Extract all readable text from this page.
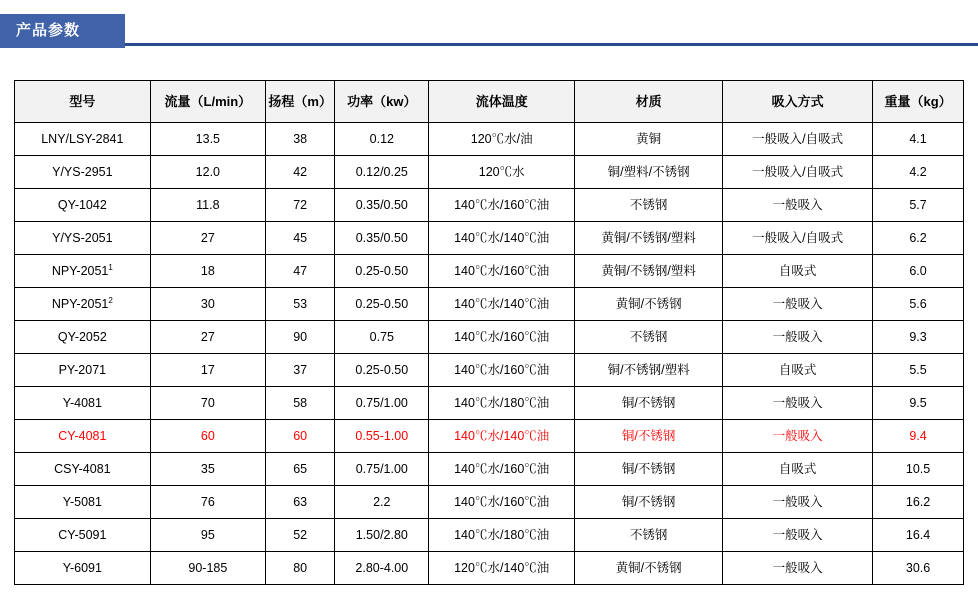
产品参数
型号	流量（L/min）	扬程（m）	功率（kw）	流体温度	材质	吸入方式	重量（kg）
LNY/LSY-2841	13.5	38	0.12	120℃水/油	黄铜	一般吸入/自吸式	4.1
Y/YS-2951	12.0	42	0.12/0.25	120℃水	铜/塑料/不锈钢	一般吸入/自吸式	4.2
QY-1042	11.8	72	0.35/0.50	140℃水/160℃油	不锈钢	一般吸入	5.7
Y/YS-2051	27	45	0.35/0.50	140℃水/140℃油	黄铜/不锈钢/塑料	一般吸入/自吸式	6.2
NPY-2051$^1$	18	47	0.25-0.50	140℃水/160℃油	黄铜/不锈钢/塑料	自吸式	6.0
NPY-2051$^2$	30	53	0.25-0.50	140℃水/140℃油	黄铜/不锈钢	一般吸入	5.6
QY-2052	27	90	0.75	140℃水/160℃油	不锈钢	一般吸入	9.3
PY-2071	17	37	0.25-0.50	140℃水/160℃油	铜/不锈钢/塑料	自吸式	5.5
Y-4081	70	58	0.75/1.00	140℃水/180℃油	铜/不锈钢	一般吸入	9.5
CY-4081	60	60	0.55-1.00	140℃水/140℃油	铜/不锈钢	一般吸入	9.4
CSY-4081	35	65	0.75/1.00	140℃水/160℃油	铜/不锈钢	自吸式	10.5
Y-5081	76	63	2.2	140℃水/160℃油	铜/不锈钢	一般吸入	16.2
CY-5091	95	52	1.50/2.80	140℃水/180℃油	不锈钢	一般吸入	16.4
Y-6091	90-185	80	2.80-4.00	120℃水/140℃油	黄铜/不锈钢	一般吸入	30.6
